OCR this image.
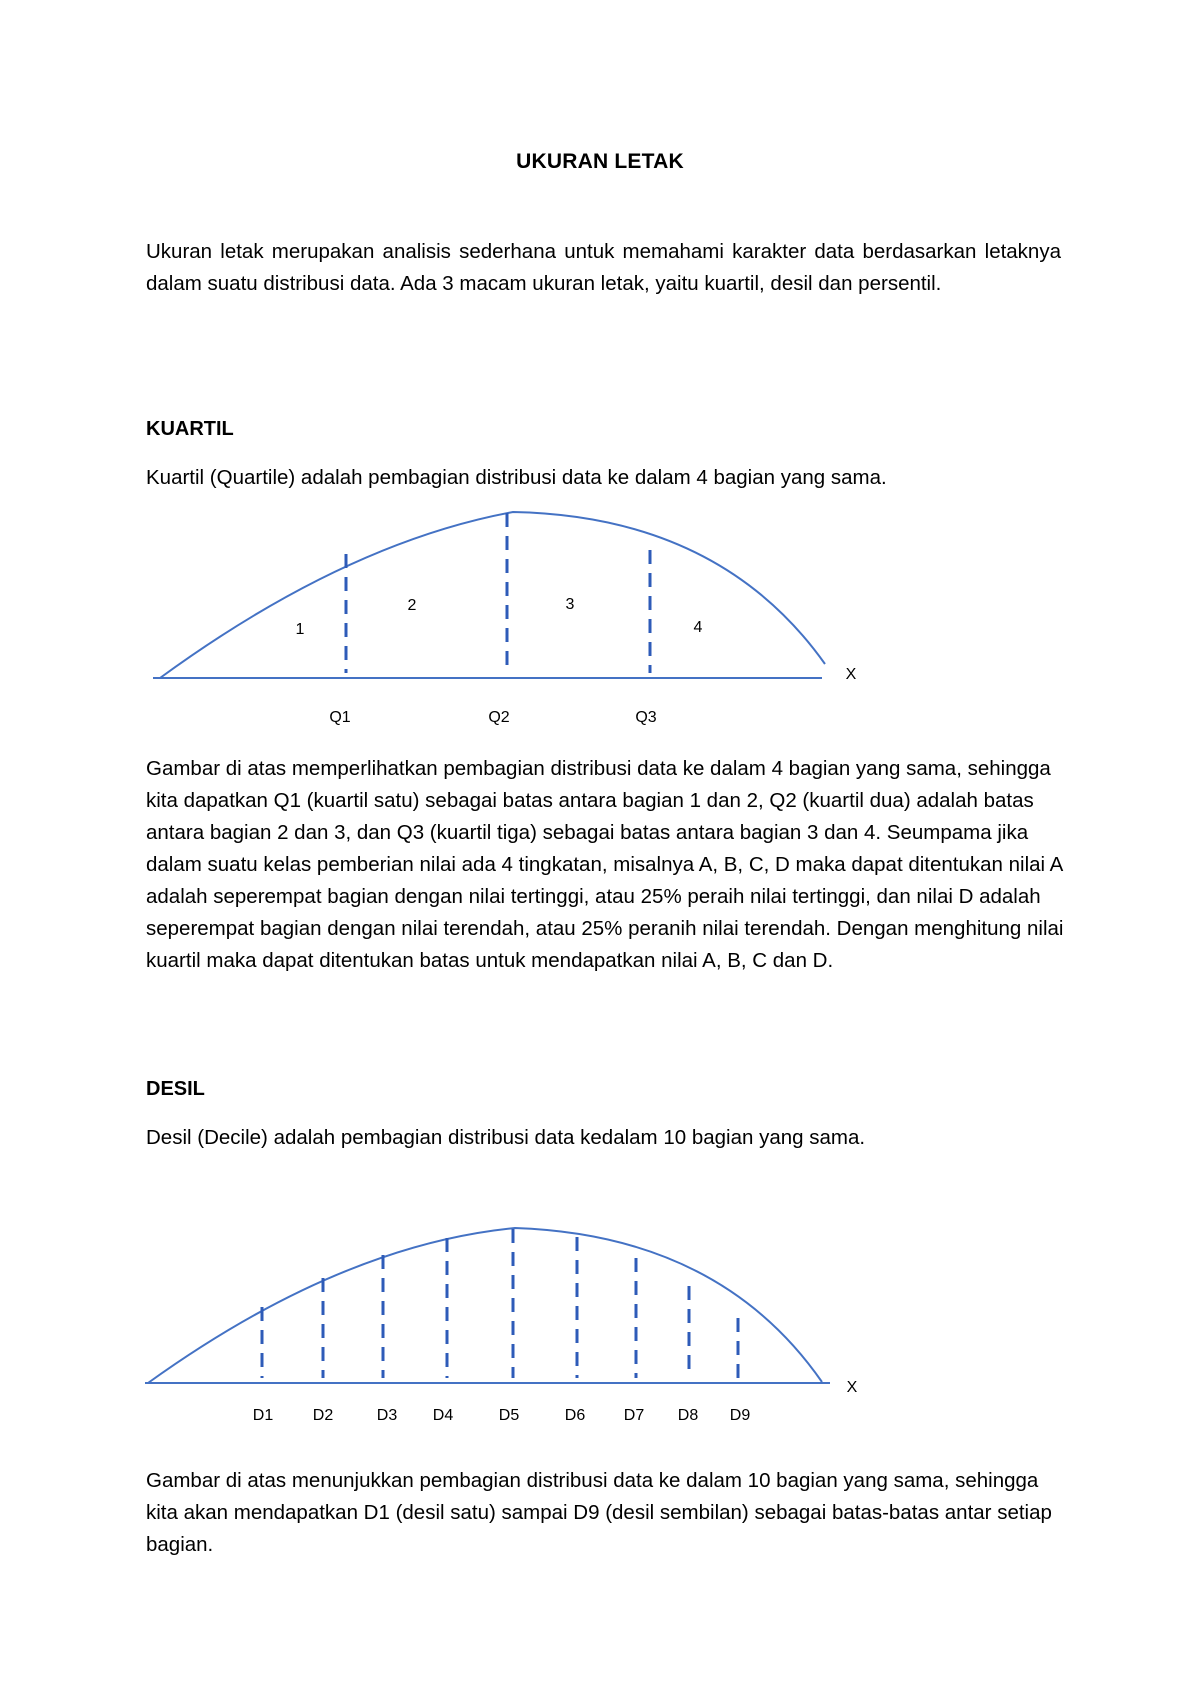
UKURAN LETAK
Ukuran letak merupakan analisis sederhana untuk memahami karakter data berdasarkan letaknya dalam suatu distribusi data. Ada 3 macam ukuran letak, yaitu kuartil, desil dan persentil.
KUARTIL
Kuartil (Quartile) adalah pembagian distribusi data ke dalam 4 bagian yang sama.
1
2	3
4
X
Q1	Q2	Q3
Gambar di atas memperlihatkan pembagian distribusi data ke dalam 4 bagian yang sama, sehingga kita dapatkan Q1 (kuartil satu) sebagai batas antara bagian 1 dan 2, Q2 (kuartil dua) adalah batas antara bagian 2 dan 3, dan Q3 (kuartil tiga) sebagai batas antara bagian 3 dan 4. Seumpama jika dalam suatu kelas pemberian nilai ada 4 tingkatan, misalnya A, B, C, D maka dapat ditentukan nilai A adalah seperempat bagian dengan nilai tertinggi, atau 25% peraih nilai tertinggi, dan nilai D adalah seperempat bagian dengan nilai terendah, atau 25% peranih nilai terendah. Dengan menghitung nilai kuartil maka dapat ditentukan batas untuk mendapatkan nilai A, B, C dan D.
DESIL
Desil (Decile) adalah pembagian distribusi data kedalam 10 bagian yang sama.
X
D1 D2	D3 D4	D5	D6 D7 D8 D9
Gambar di atas menunjukkan pembagian distribusi data ke dalam 10 bagian yang sama, sehingga kita akan mendapatkan D1 (desil satu) sampai D9 (desil sembilan) sebagai batas-batas antar setiap bagian.
